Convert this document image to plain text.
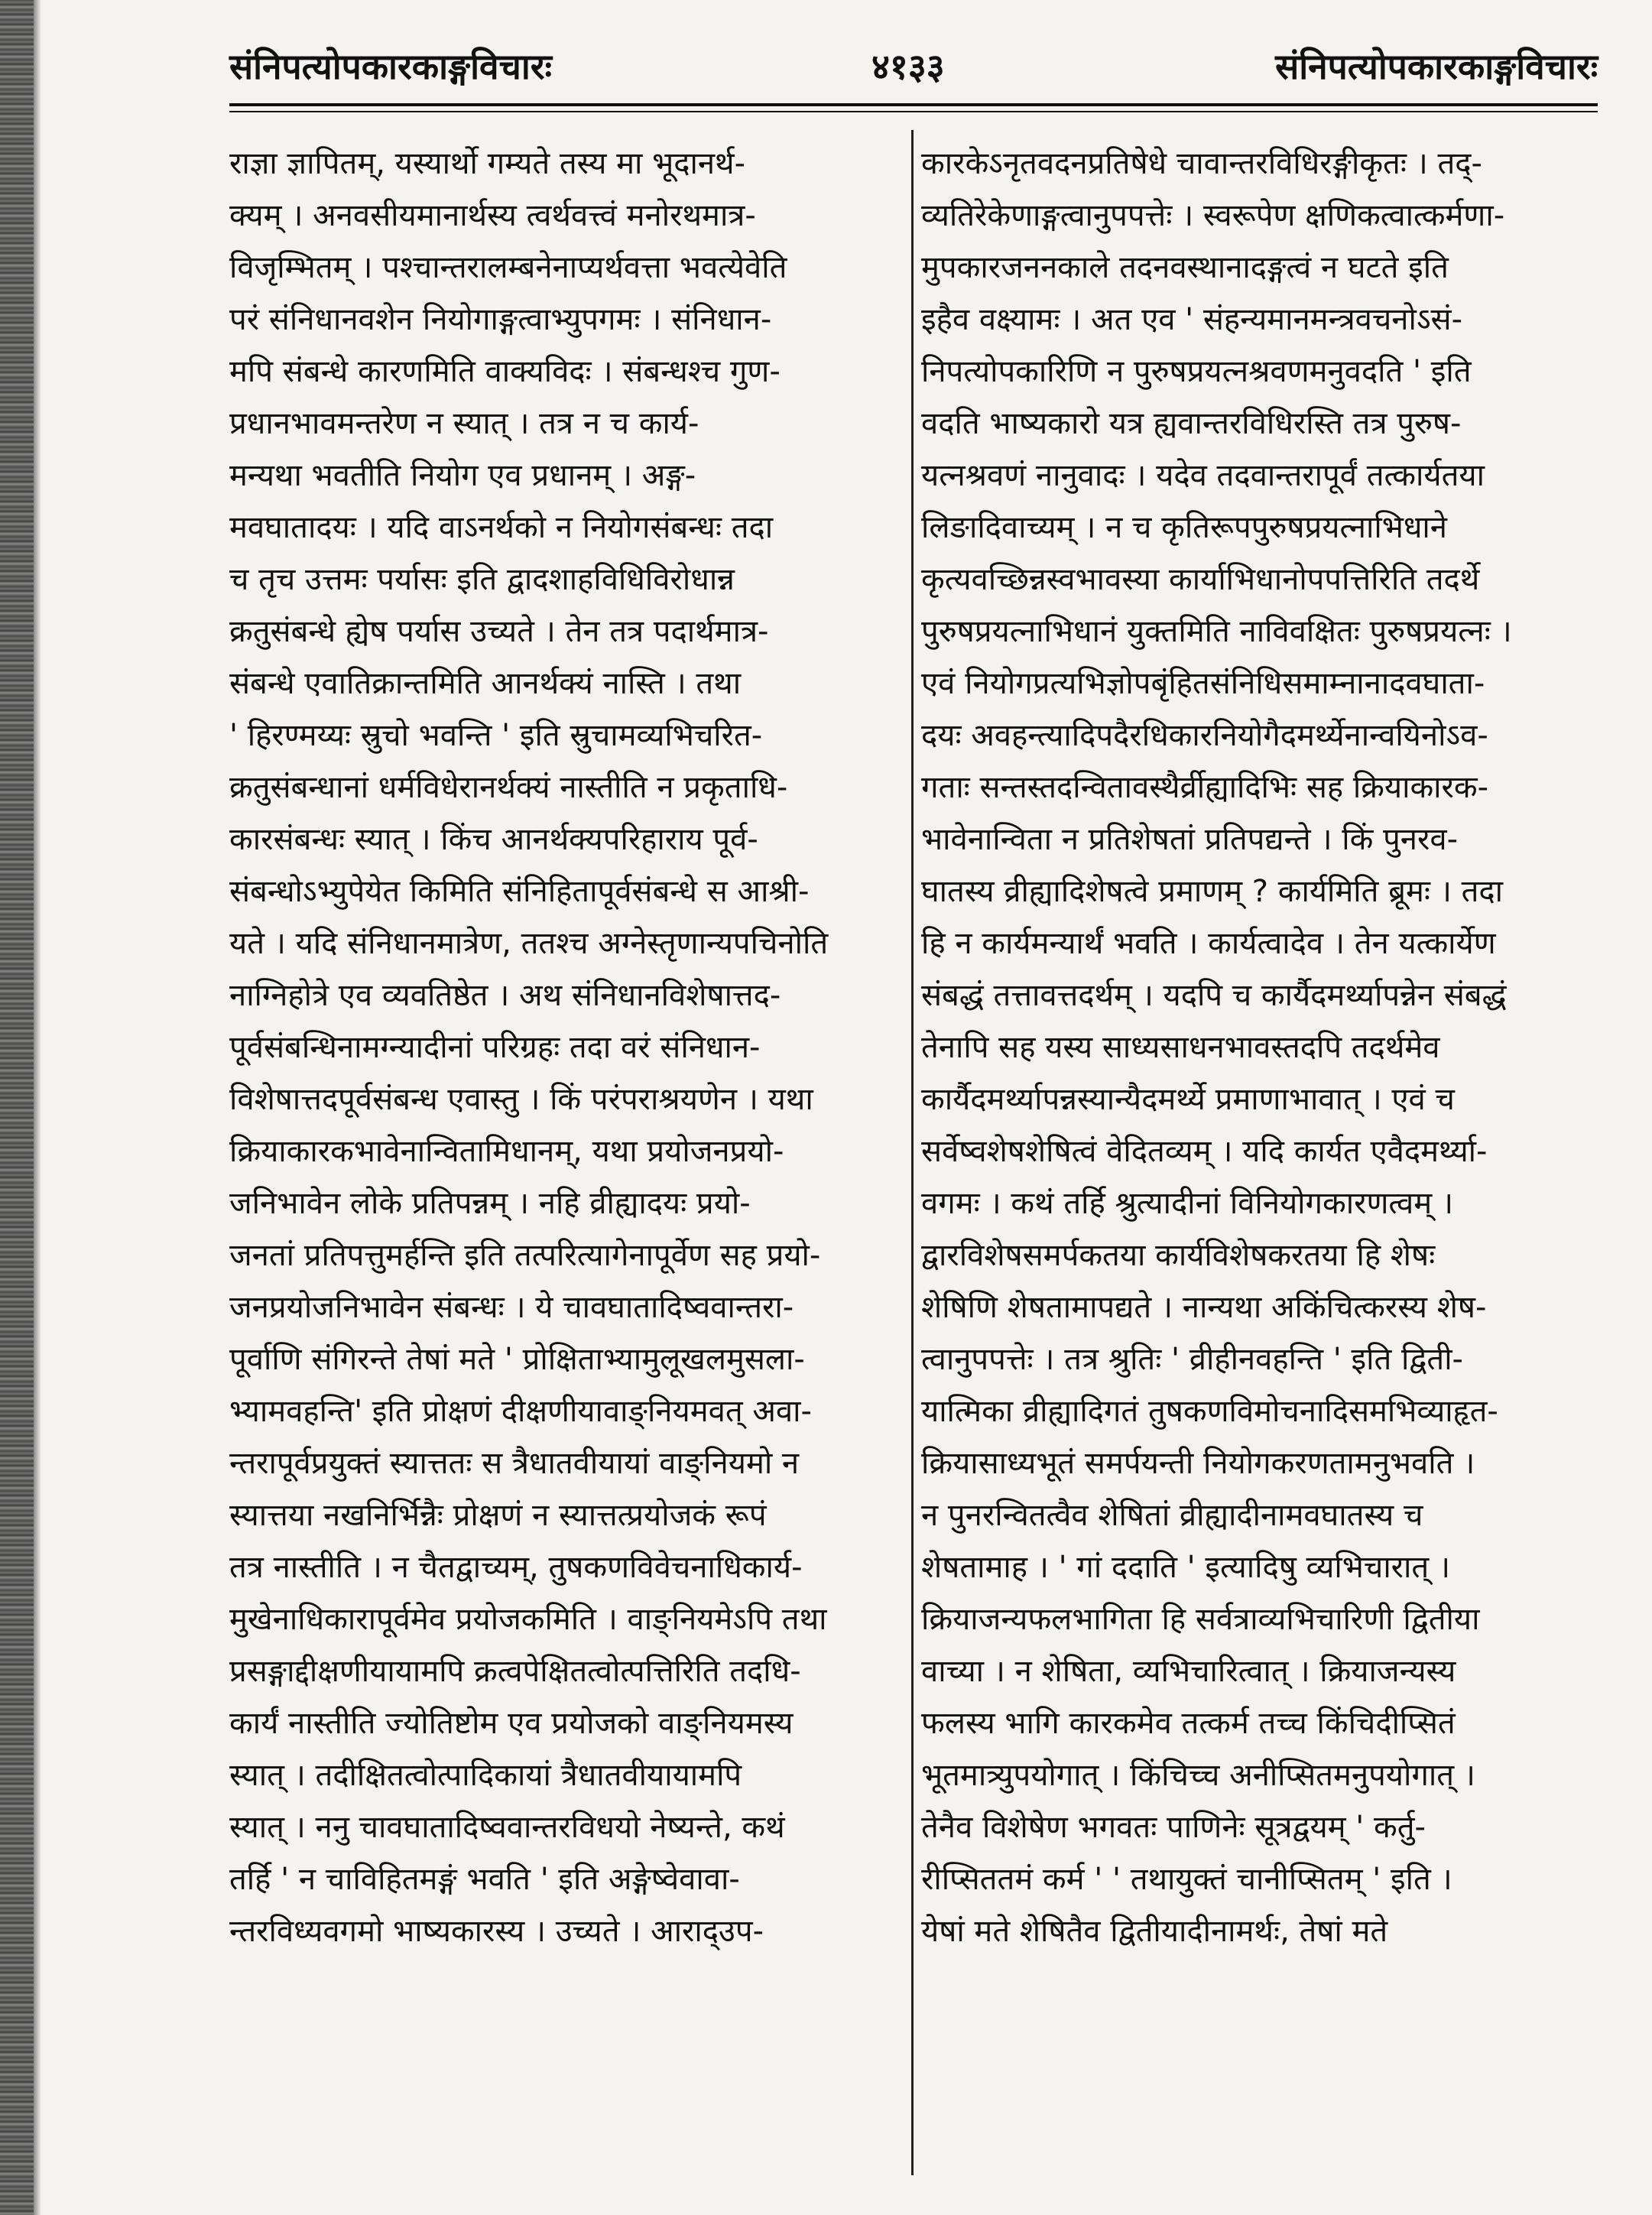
संनिपत्योपकारकाङ्गविचारः	४१३३	संनिपत्योपकारकाङ्गविचारः
राज्ञा ज्ञापितम्, यस्यार्थो गम्यते तस्य मा भूदानर्थ-
क्यम् । अनवसीयमानार्थस्य त्वर्थवत्त्वं मनोरथमात्र-
विजृम्भितम् । पश्चान्तरालम्बनेनाप्यर्थवत्ता भवत्येवेति
परं संनिधानवशेन नियोगाङ्गत्वाभ्युपगमः । संनिधान-
मपि संबन्धे कारणमिति वाक्यविदः । संबन्धश्च गुण-
प्रधानभावमन्तरेण न स्यात् । तत्र न च कार्य-
मन्यथा भवतीति नियोग एव प्रधानम् । अङ्ग-
मवघातादयः । यदि वाऽनर्थको न नियोगसंबन्धः तदा
च तृच उत्तमः पर्यासः इति द्वादशाहविधिविरोधान्न
क्रतुसंबन्धे ह्येष पर्यास उच्यते । तेन तत्र पदार्थमात्र-
संबन्धे एवातिक्रान्तमिति आनर्थक्यं नास्ति । तथा
' हिरण्मय्यः स्रुचो भवन्ति ' इति स्रुचामव्यभिचरित-
क्रतुसंबन्धानां धर्मविधेरानर्थक्यं नास्तीति न प्रकृताधि-
कारसंबन्धः स्यात् । किंच आनर्थक्यपरिहाराय पूर्व-
संबन्धोऽभ्युपेयेत किमिति संनिहितापूर्वसंबन्धे स आश्री-
यते । यदि संनिधानमात्रेण, ततश्च अग्नेस्तृणान्यपचिनोति
नाग्निहोत्रे एव व्यवतिष्ठेत । अथ संनिधानविशेषात्तद-
पूर्वसंबन्धिनामग्न्यादीनां परिग्रहः तदा वरं संनिधान-
विशेषात्तदपूर्वसंबन्ध एवास्तु । किं परंपराश्रयणेन । यथा
क्रियाकारकभावेनान्वितामिधानम्, यथा प्रयोजनप्रयो-
जनिभावेन लोके प्रतिपन्नम् । नहि व्रीह्यादयः प्रयो-
जनतां प्रतिपत्तुमर्हन्ति इति तत्परित्यागेनापूर्वेण सह प्रयो-
जनप्रयोजनिभावेन संबन्धः । ये चावघातादिष्ववान्तरा-
पूर्वाणि संगिरन्ते तेषां मते ' प्रोक्षिताभ्यामुलूखलमुसला-
भ्यामवहन्ति' इति प्रोक्षणं दीक्षणीयावाङ्नियमवत् अवा-
न्तरापूर्वप्रयुक्तं स्यात्ततः स त्रैधातवीयायां वाङ्नियमो न
स्यात्तया नखनिर्भिन्नैः प्रोक्षणं न स्यात्तत्प्रयोजकं रूपं
तत्र नास्तीति । न चैतद्वाच्यम्, तुषकणविवेचनाधिकार्य-
मुखेनाधिकारापूर्वमेव प्रयोजकमिति । वाङ्नियमेऽपि तथा
प्रसङ्गाद्दीक्षणीयायामपि क्रत्वपेक्षितत्वोत्पत्तिरिति तदधि-
कार्यं नास्तीति ज्योतिष्टोम एव प्रयोजको वाङ्नियमस्य
स्यात् । तदीक्षितत्वोत्पादिकायां त्रैधातवीयायामपि
स्यात् । ननु चावघातादिष्ववान्तरविधयो नेष्यन्ते, कथं
तर्हि ' न चाविहितमङ्गं भवति ' इति अङ्गेष्वेवावा-
न्तरविध्यवगमो भाष्यकारस्य । उच्यते । आराद्उप-
कारकेऽनृतवदनप्रतिषेधे चावान्तरविधिरङ्गीकृतः । तद्-
व्यतिरेकेणाङ्गत्वानुपपत्तेः । स्वरूपेण क्षणिकत्वात्कर्मणा-
मुपकारजननकाले तदनवस्थानादङ्गत्वं न घटते इति
इहैव वक्ष्यामः । अत एव ' संहन्यमानमन्त्रवचनोऽसं-
निपत्योपकारिणि न पुरुषप्रयत्नश्रवणमनुवदति ' इति
वदति भाष्यकारो यत्र ह्यवान्तरविधिरस्ति तत्र पुरुष-
यत्नश्रवणं नानुवादः । यदेव तदवान्तरापूर्वं तत्कार्यतया
लिङादिवाच्यम् । न च कृतिरूपपुरुषप्रयत्नाभिधाने
कृत्यवच्छिन्नस्वभावस्या कार्याभिधानोपपत्तिरिति तदर्थे
पुरुषप्रयत्नाभिधानं युक्तमिति नाविवक्षितः पुरुषप्रयत्नः ।
एवं नियोगप्रत्यभिज्ञोपबृंहितसंनिधिसमाम्नानादवघाता-
दयः अवहन्त्यादिपदैरधिकारनियोगैदमर्थ्येनान्वयिनोऽव-
गताः सन्तस्तदन्वितावस्थैर्व्रीह्यादिभिः सह क्रियाकारक-
भावेनान्विता न प्रतिशेषतां प्रतिपद्यन्ते । किं पुनरव-
घातस्य व्रीह्यादिशेषत्वे प्रमाणम् ? कार्यमिति ब्रूमः । तदा
हि न कार्यमन्यार्थं भवति । कार्यत्वादेव । तेन यत्कार्येण
संबद्धं तत्तावत्तदर्थम् । यदपि च कार्यैदमर्थ्यापन्नेन संबद्धं
तेनापि सह यस्य साध्यसाधनभावस्तदपि तदर्थमेव
कार्यैदमर्थ्यापन्नस्यान्यैदमर्थ्ये प्रमाणाभावात् । एवं च
सर्वेष्वशेषशेषित्वं वेदितव्यम् । यदि कार्यत एवैदमर्थ्या-
वगमः । कथं तर्हि श्रुत्यादीनां विनियोगकारणत्वम् ।
द्वारविशेषसमर्पकतया कार्यविशेषकरतया हि शेषः
शेषिणि शेषतामापद्यते । नान्यथा अकिंचित्करस्य शेष-
त्वानुपपत्तेः । तत्र श्रुतिः ' व्रीहीनवहन्ति ' इति द्विती-
यात्मिका व्रीह्यादिगतं तुषकणविमोचनादिसमभिव्याहृत-
क्रियासाध्यभूतं समर्पयन्ती नियोगकरणतामनुभवति ।
न पुनरन्वितत्वैव शेषितां व्रीह्यादीनामवघातस्य च
शेषतामाह । ' गां ददाति ' इत्यादिषु व्यभिचारात् ।
क्रियाजन्यफलभागिता हि सर्वत्राव्यभिचारिणी द्वितीया
वाच्या । न शेषिता, व्यभिचारित्वात् । क्रियाजन्यस्य
फलस्य भागि कारकमेव तत्कर्म तच्च किंचिदीप्सितं
भूतमात्र्युपयोगात् । किंचिच्च अनीप्सितमनुपयोगात् ।
तेनैव विशेषेण भगवतः पाणिनेः सूत्रद्वयम् ' कर्तु-
रीप्सिततमं कर्म ' ' तथायुक्तं चानीप्सितम् ' इति ।
येषां मते शेषितैव द्वितीयादीनामर्थः, तेषां मते
